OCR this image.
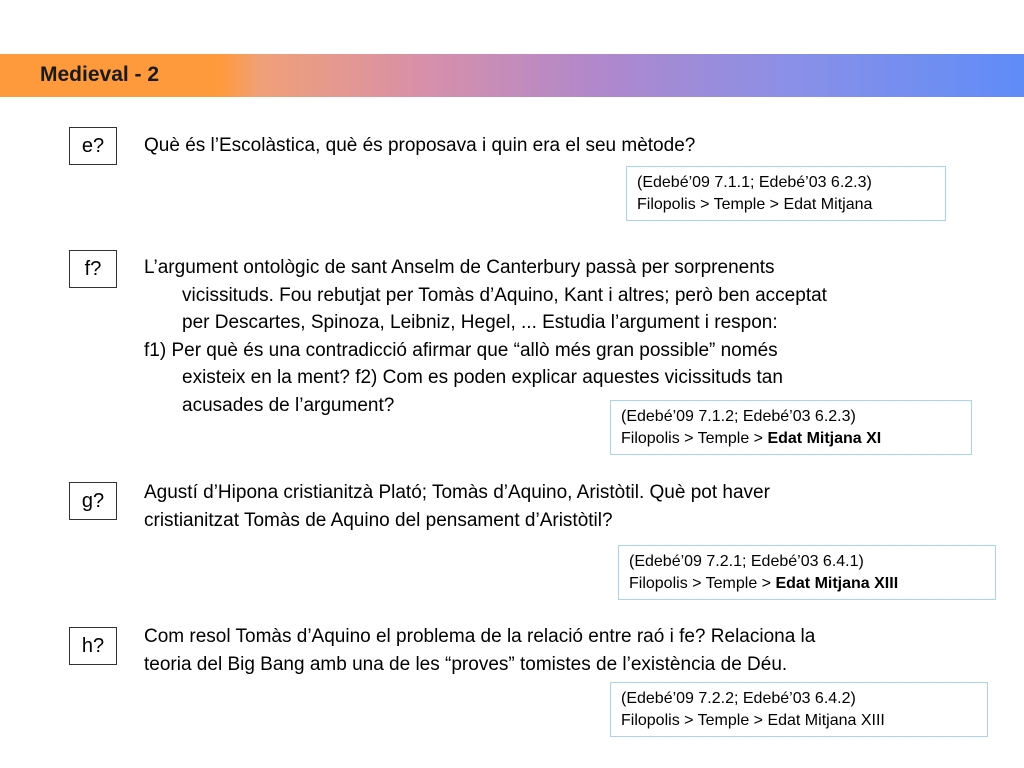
Medieval - 2
e?	Què és l’Escolàstica, què és proposava i quin era el seu mètode?
(Edebé’09 7.1.1; Edebé’03 6.2.3)
Filopolis > Temple > Edat Mitjana
f?	L’argument ontològic de sant Anselm de Canterbury passà per sorprenents
vicissituds. Fou rebutjat per Tomàs d’Aquino, Kant i altres; però ben acceptat
per Descartes, Spinoza, Leibniz, Hegel, ... Estudia l’argument i respon:
f1) Per què és una contradicció afirmar que “allò més gran possible” només
existeix en la ment? f2) Com es poden explicar aquestes vicissituds tan
acusades de l’argument?
(Edebé’09 7.1.2; Edebé’03 6.2.3)
Filopolis > Temple > Edat Mitjana XI
g?	Agustí d’Hipona cristianitzà Plató; Tomàs d’Aquino, Aristòtil. Què pot haver
cristianitzat Tomàs de Aquino del pensament d’Aristòtil?
(Edebé’09 7.2.1; Edebé’03 6.4.1)
Filopolis > Temple > Edat Mitjana XIII
h?	Com resol Tomàs d’Aquino el problema de la relació entre raó i fe? Relaciona la
teoria del Big Bang amb una de les “proves” tomistes de l’existència de Déu.
(Edebé’09 7.2.2; Edebé’03 6.4.2)
Filopolis > Temple > Edat Mitjana XIII
